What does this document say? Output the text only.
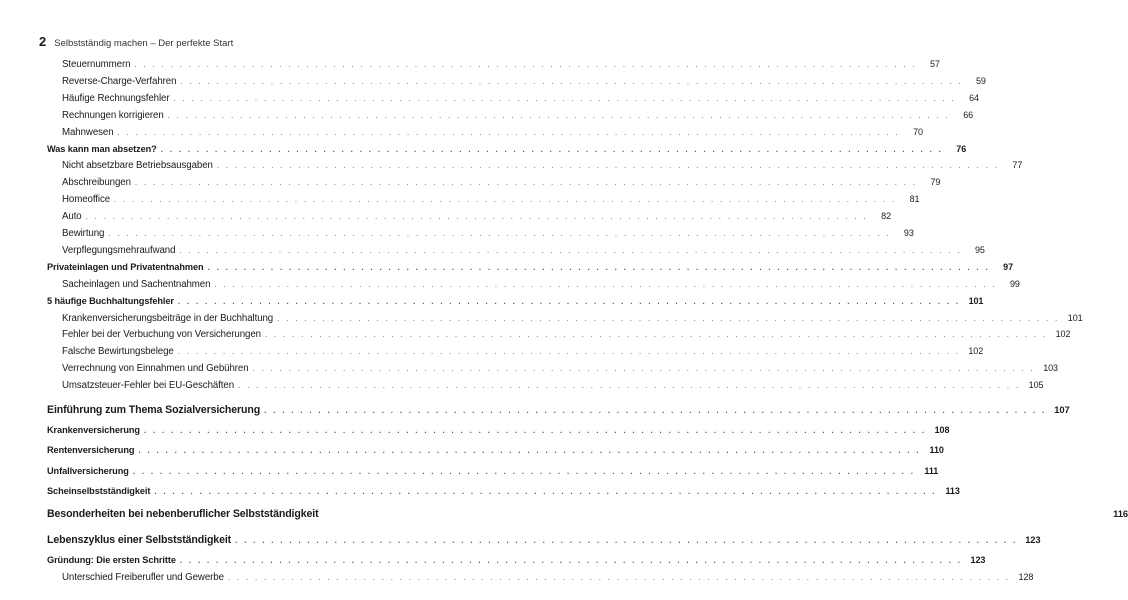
2 Selbstständig machen – Der perfekte Start
Steuernummern . . .	57
Reverse-Charge-Verfahren . . .	59
Häufige Rechnungsfehler . . .	64
Rechnungen korrigieren . . .	66
Mahnwesen . . .	70
Was kann man absetzen? . . .	76
Nicht absetzbare Betriebsausgaben . . .	77
Abschreibungen . . .	79
Homeoffice . . .	81
Auto . . .	82
Bewirtung . . .	93
Verpflegungsmehraufwand . . .	95
Privateinlagen und Privatentnahmen . . .	97
Sacheinlagen und Sachentnahmen . . .	99
5 häufige Buchhaltungsfehler . . .	101
Krankenversicherungsbeiträge in der Buchhaltung . . .	101
Fehler bei der Verbuchung von Versicherungen . . .	102
Falsche Bewirtungsbelege . . .	102
Verrechnung von Einnahmen und Gebühren . . .	103
Umsatzsteuer-Fehler bei EU-Geschäften . . .	105
Einführung zum Thema Sozialversicherung . . .	107
Krankenversicherung . . .	108
Rentenversicherung . . .	110
Unfallversicherung . . .	111
Scheinselbstständigkeit . . .	113
Besonderheiten bei nebenberuflicher Selbstständigkeit	116
Lebenszyklus einer Selbstständigkeit . . .	123
Gründung: Die ersten Schritte . . .	123
Unterschied Freiberufler und Gewerbe . . .	128
